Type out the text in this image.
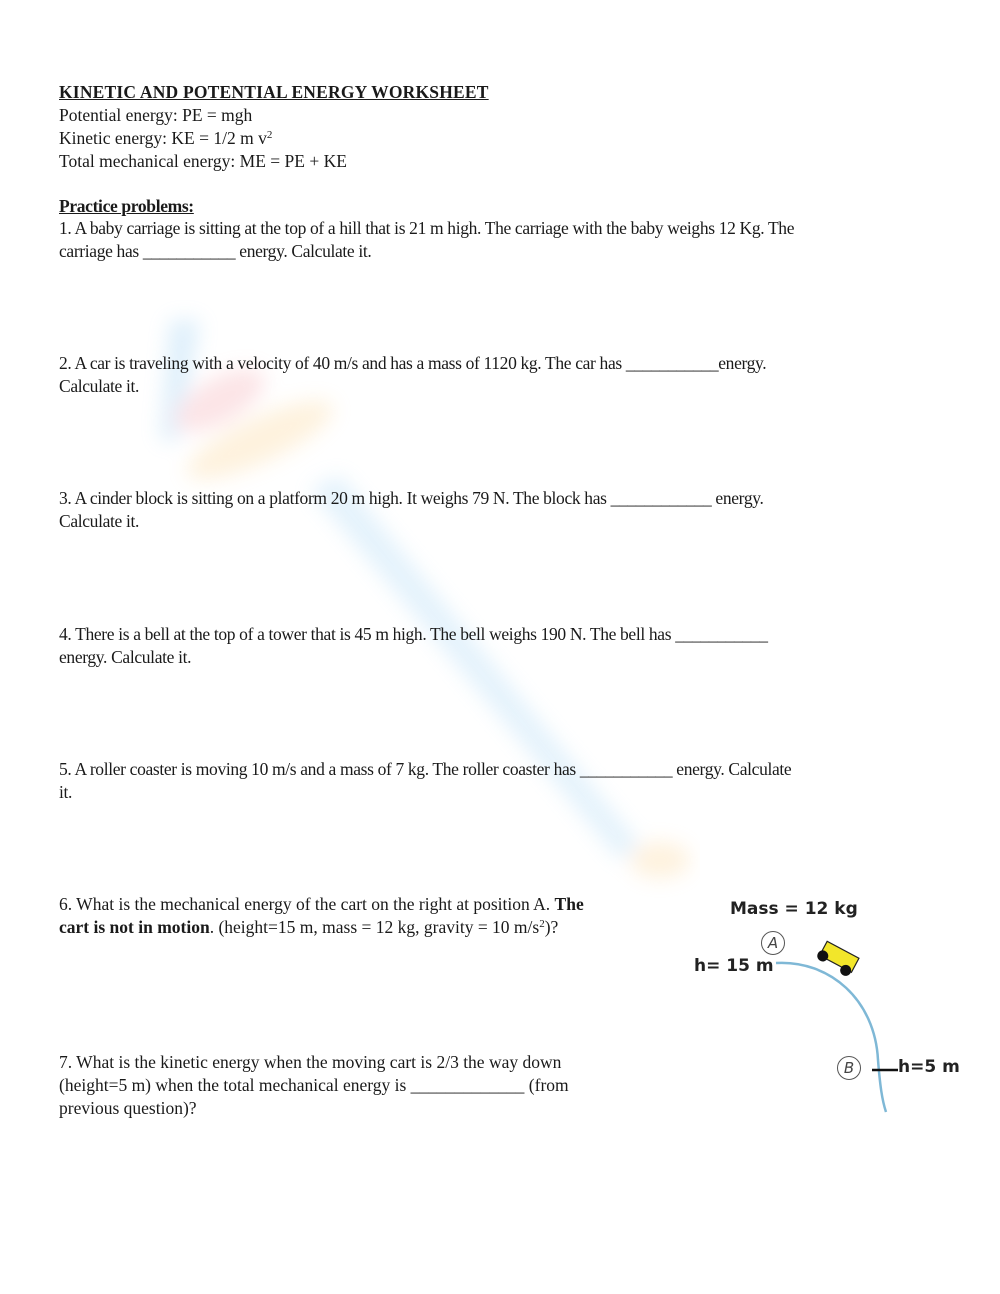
KINETIC AND POTENTIAL ENERGY WORKSHEET
Potential energy: PE = mgh
Kinetic energy: KE = 1/2 m $v^2$
Total mechanical energy: ME = PE + KE
Practice problems:
1. A baby carriage is sitting at the top of a hill that is 21 m high. The carriage with the baby weighs 12 Kg. The
carriage has ___________ energy. Calculate it.
2. A car is traveling with a velocity of 40 m/s and has a mass of 1120 kg. The car has ___________energy.
Calculate it.
3. A cinder block is sitting on a platform 20 m high. It weighs 79 N. The block has ____________ energy.
Calculate it.
4. There is a bell at the top of a tower that is 45 m high. The bell weighs 190 N. The bell has ___________
energy. Calculate it.
5. A roller coaster is moving 10 m/s and a mass of 7 kg. The roller coaster has ___________ energy. Calculate
it.
6. What is the mechanical energy of the cart on the right at position A. The
cart is not in motion. (height=15 m, mass = 12 kg, gravity = 10 $m/s^2$)?
7. What is the kinetic energy when the moving cart is 2/3 the way down
(height=5 m) when the total mechanical energy is _____________ (from
previous question)?
Mass = 12 kg
A
h= 15 m
B	h=5 m
